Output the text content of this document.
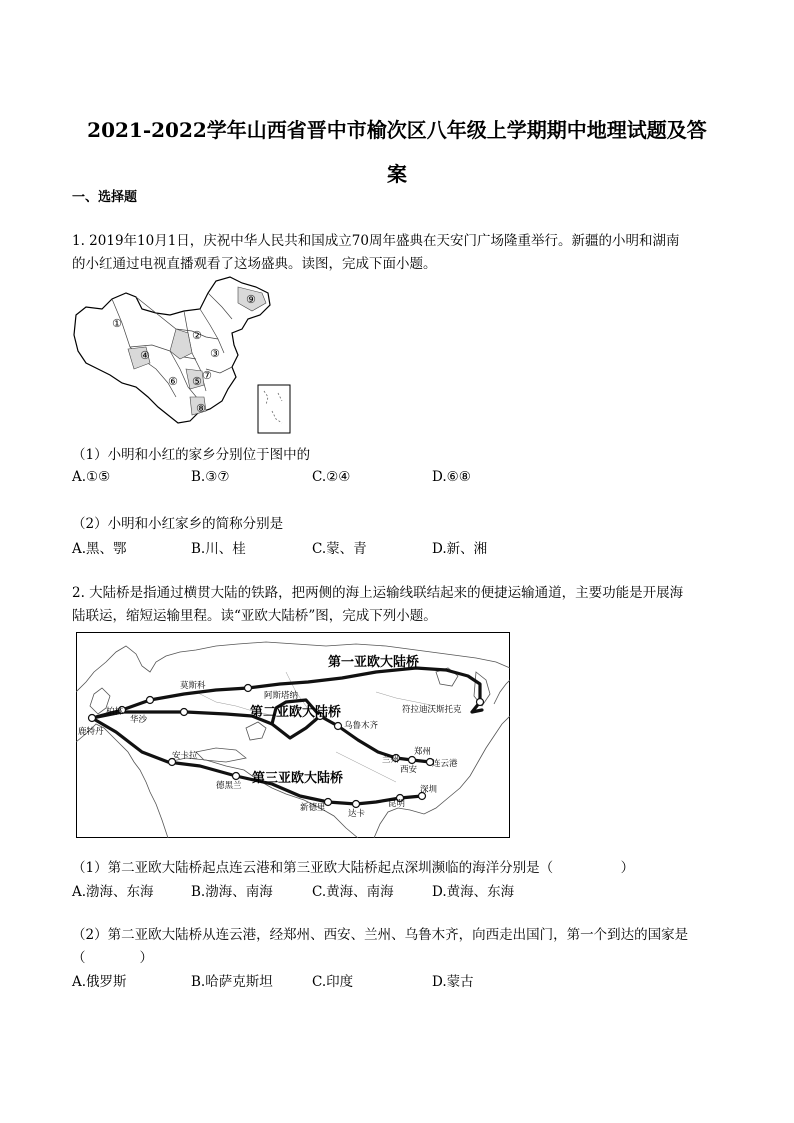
2021-2022学年山西省晋中市榆次区八年级上学期期中地理试题及答
案
一、选择题
1. 2019年10月1日，庆祝中华人民共和国成立70周年盛典在天安门广场隆重举行。新疆的小明和湖南
的小红通过电视直播观看了这场盛典。读图，完成下面小题。
①
②
③
④
⑤
⑥ ⑦
⑧
⑨
（1）小明和小红的家乡分别位于图中的
A.①⑤	B.③⑦	C.②④	D.⑥⑧
（2）小明和小红家乡的简称分别是
A.黑、鄂	B.川、桂	C.蒙、青	D.新、湘
2. 大陆桥是指通过横贯大陆的铁路，把两侧的海上运输线联结起来的便捷运输通道，主要功能是开展海
陆联运，缩短运输里程。读“亚欧大陆桥”图，完成下列小题。
第一亚欧大陆桥
第二亚欧大陆桥
第三亚欧大陆桥
莫斯科
阿斯塔纳
符拉迪沃斯托克
柏林
华沙
鹿特丹
乌鲁木齐
郑州
兰州
西安
连云港
安卡拉
德黑兰
新德里	昆明
深圳
达卡
（1）第二亚欧大陆桥起点连云港和第三亚欧大陆桥起点深圳濒临的海洋分别是（　　　　　）
A.渤海、东海	B.渤海、南海	C.黄海、南海	D.黄海、东海
（2）第二亚欧大陆桥从连云港，经郑州、西安、兰州、乌鲁木齐，向西走出国门，第一个到达的国家是
（　　　　）
A.俄罗斯	B.哈萨克斯坦	C.印度	D.蒙古
